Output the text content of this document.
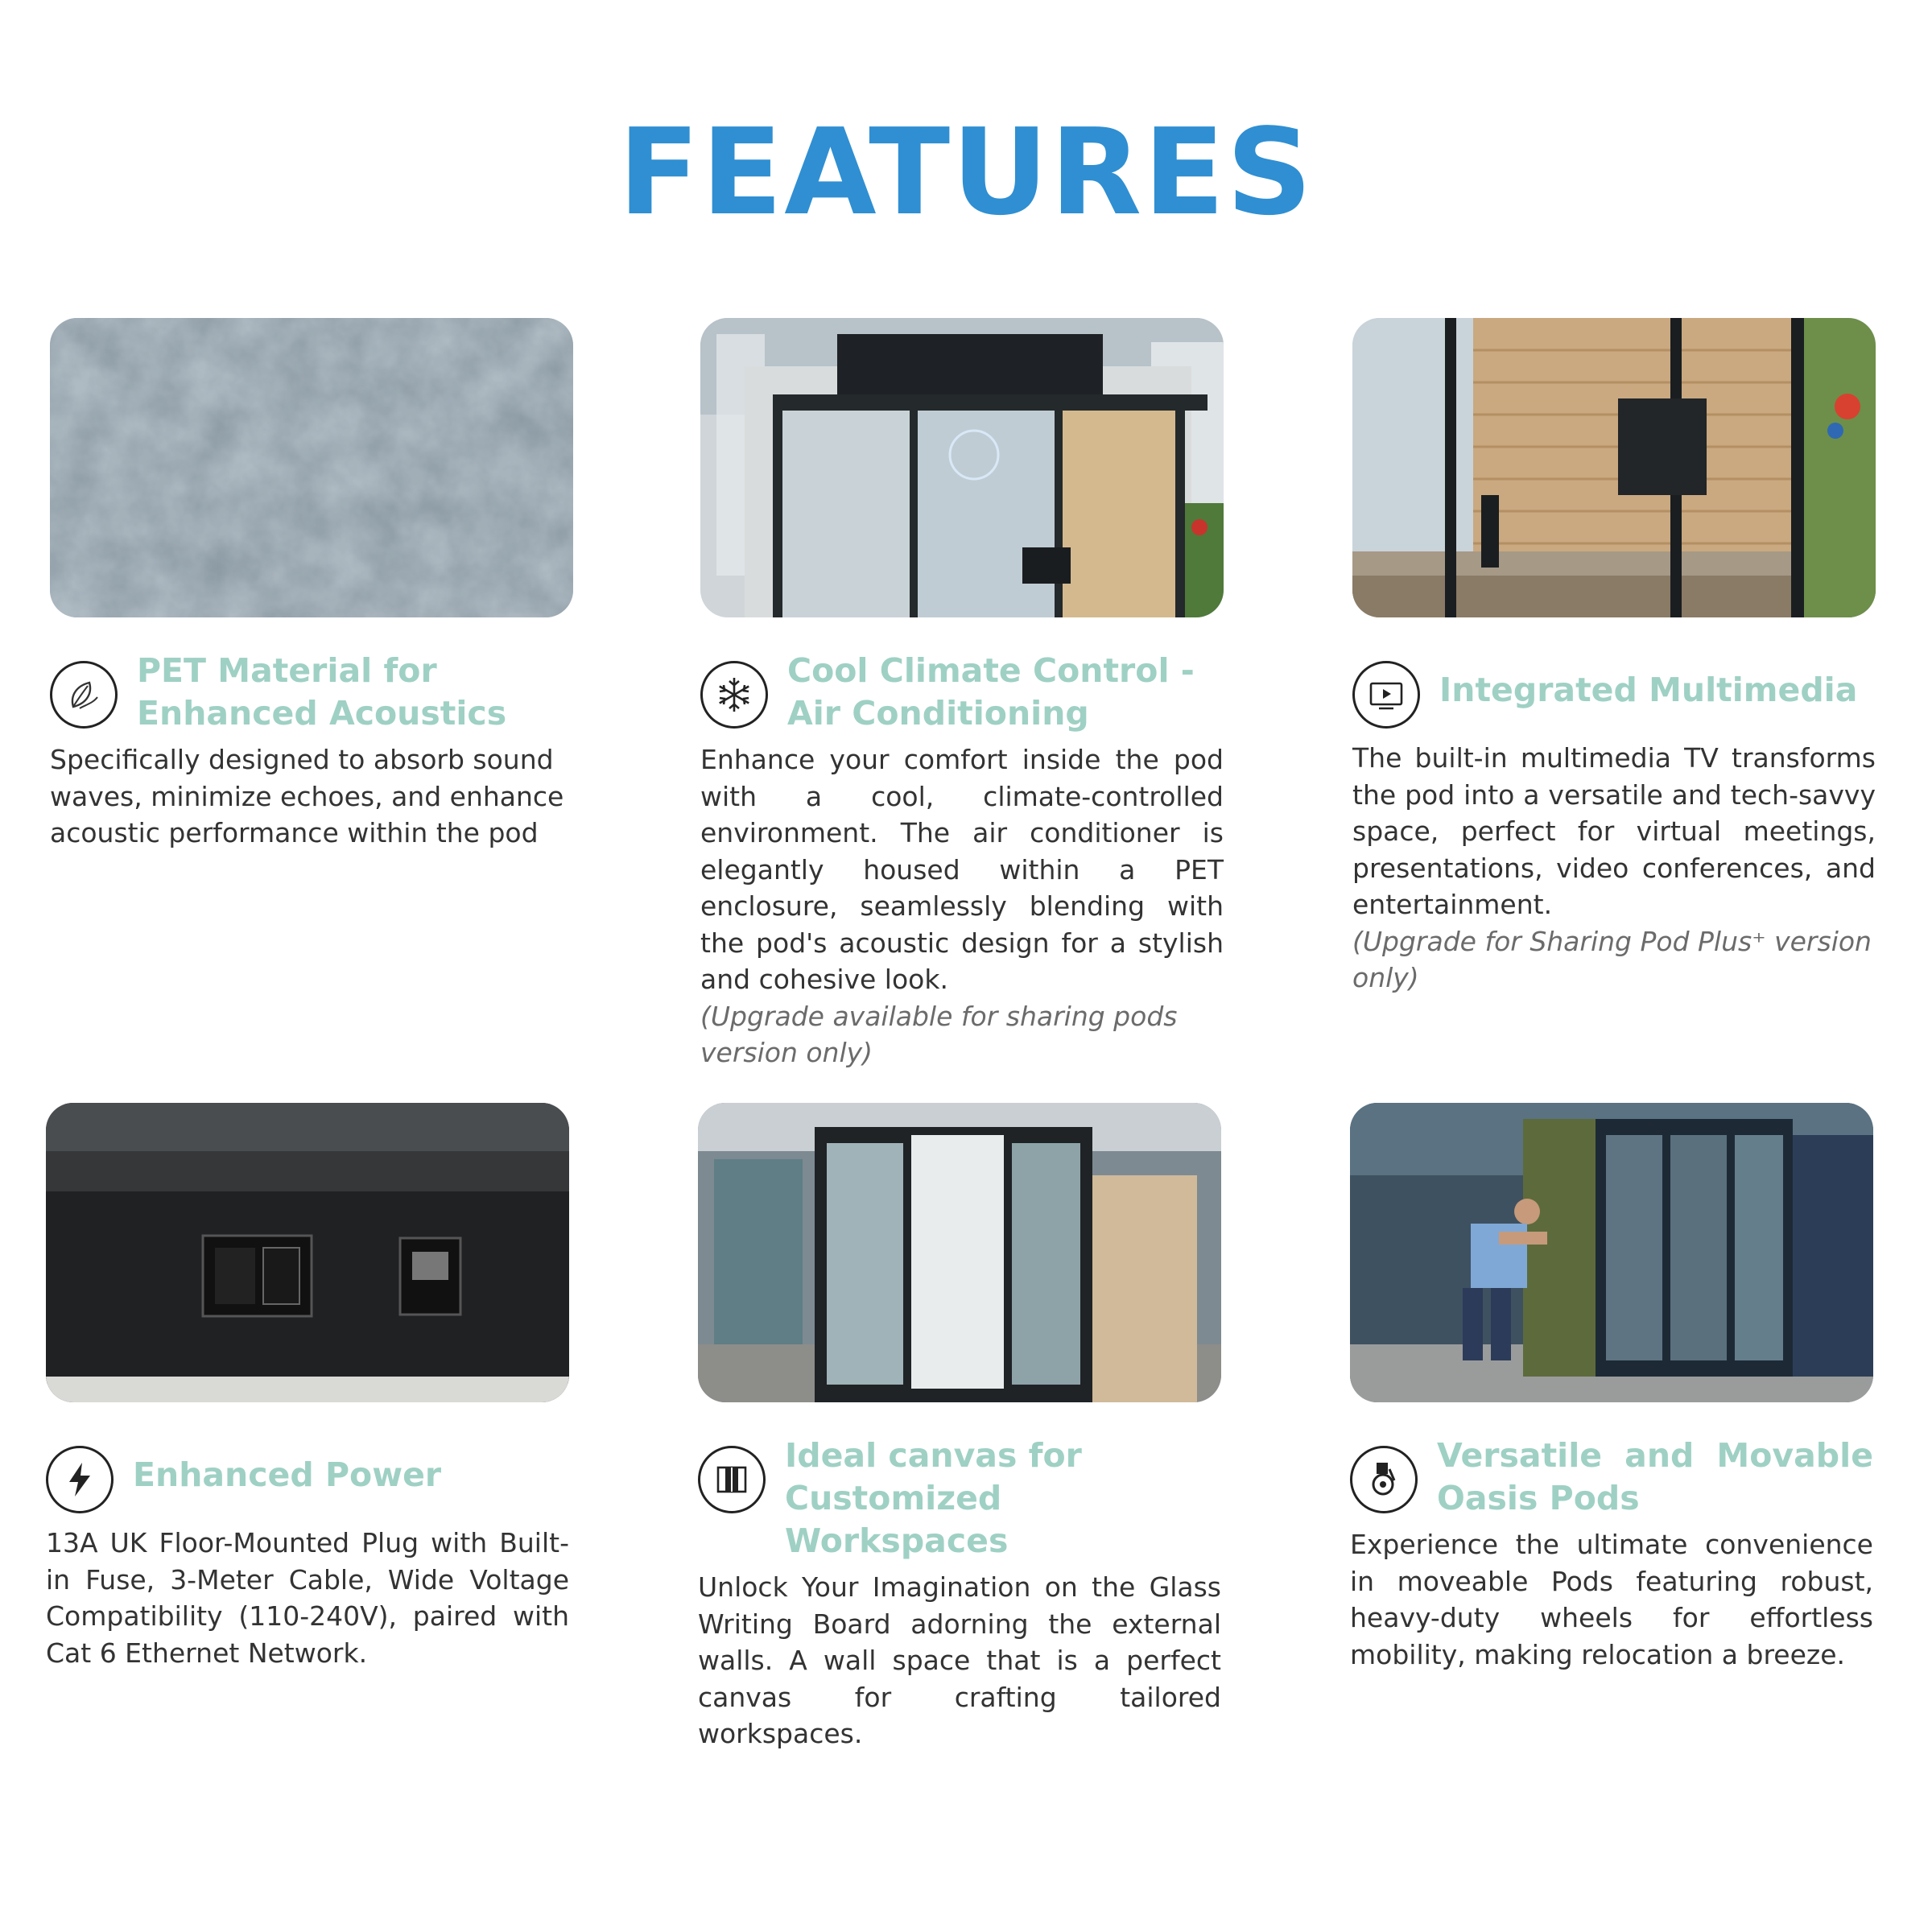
FEATURES
PET Material for Enhanced Acoustics
Specifically designed to absorb sound waves, minimize echoes, and enhance acoustic performance within the pod
Cool Climate Control - Air Conditioning
Enhance your comfort inside the pod with a cool, climate-controlled environment. The air conditioner is elegantly housed within a PET enclosure, seamlessly blending with the pod's acoustic design for a stylish and cohesive look.
(Upgrade available for sharing pods version only)
Integrated Multimedia
The built-in multimedia TV transforms the pod into a versatile and tech-savvy space, perfect for virtual meetings, presentations, video conferences, and entertainment.
(Upgrade for Sharing Pod Plus⁺ version only)
Enhanced Power
13A UK Floor-Mounted Plug with Built-in Fuse, 3-Meter Cable, Wide Voltage Compatibility (110-240V), paired with Cat 6 Ethernet Network.
Ideal canvas for Customized Workspaces
Unlock Your Imagination on the Glass Writing Board adorning the external walls. A wall space that is a perfect canvas for crafting tailored workspaces.
Versatile and Movable Oasis Pods
Experience the ultimate convenience in moveable Pods featuring robust, heavy-duty wheels for effortless mobility, making relocation a breeze.
